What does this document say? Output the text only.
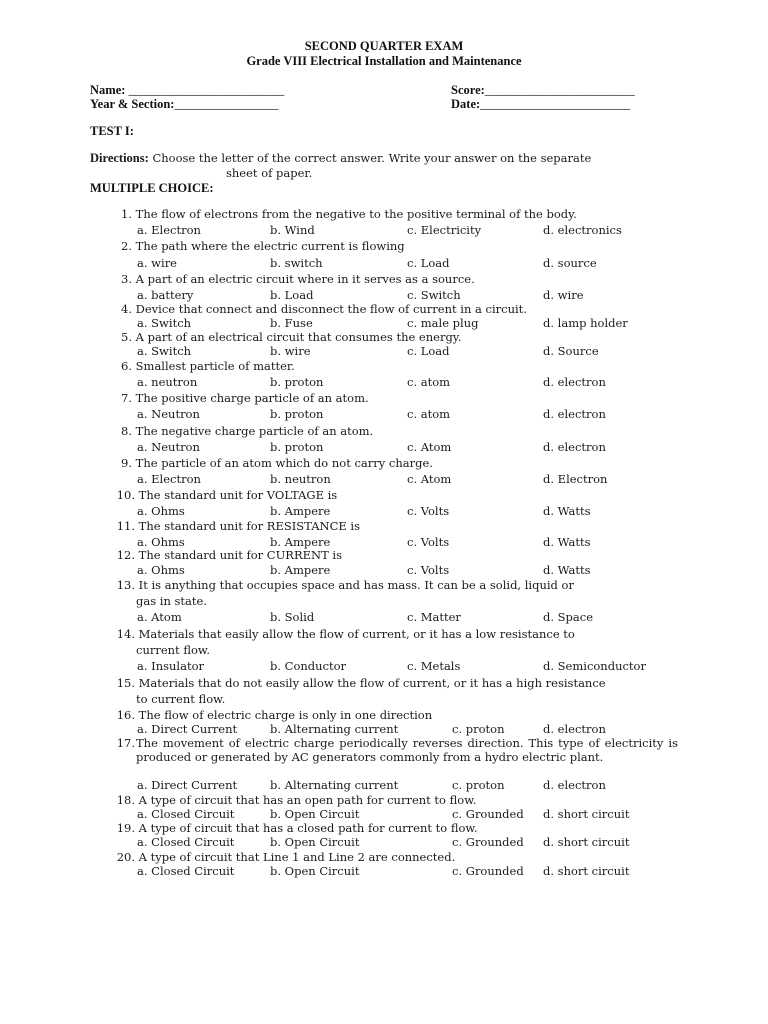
SECOND QUARTER EXAM
Grade VIII Electrical Installation and Maintenance
Name: ___________________________	Score:__________________________
Year & Section:__________________	Date:__________________________
TEST I:
Directions: Choose the letter of the correct answer. Write your answer on the separate
sheet of paper.
MULTIPLE CHOICE:
1. The flow of electrons from the negative to the positive terminal of the body.
a. Electron	b. Wind	c. Electricity	d. electronics
2. The path where the electric current is flowing
a. wire	b. switch	c. Load	d. source
3. A part of an electric circuit where in it serves as a source.
a. battery	b. Load	c. Switch	d. wire
4. Device that connect and disconnect the flow of current in a circuit.
a. Switch	b. Fuse	c. male plug	d. lamp holder
5. A part of an electrical circuit that consumes the energy.
a. Switch	b. wire	c. Load	d. Source
6. Smallest particle of matter.
a. neutron	b. proton	c. atom	d. electron
7. The positive charge particle of an atom.
a. Neutron	b. proton	c. atom	d. electron
8. The negative charge particle of an atom.
a. Neutron	b. proton	c. Atom	d. electron
9. The particle of an atom which do not carry charge.
a. Electron	b. neutron	c. Atom	d. Electron
10. The standard unit for VOLTAGE is
a. Ohms	b. Ampere	c. Volts	d. Watts
11. The standard unit for RESISTANCE is
a. Ohms	b. Ampere	c. Volts	d. Watts
12. The standard unit for CURRENT is
a. Ohms	b. Ampere	c. Volts	d. Watts
13. It is anything that occupies space and has mass. It can be a solid, liquid or
gas in state.
a. Atom	b. Solid	c. Matter	d. Space
14. Materials that easily allow the flow of current, or it has a low resistance to
current flow.
a. Insulator	b. Conductor	c. Metals	d. Semiconductor
15. Materials that do not easily allow the flow of current, or it has a high resistance
to current flow.
16. The flow of electric charge is only in one direction
a. Direct Current	b. Alternating current	c. proton	d. electron
17. The movement of electric charge periodically reverses direction. This type of electricity is produced or generated by AC generators commonly from a hydro electric plant.
a. Direct Current	b. Alternating current	c. proton	d. electron
18. A type of circuit that has an open path for current to flow.
a. Closed Circuit	b. Open Circuit	c. Grounded d. short circuit
19. A type of circuit that has a closed path for current to flow.
a. Closed Circuit	b. Open Circuit	c. Grounded d. short circuit
20. A type of circuit that Line 1 and Line 2 are connected.
a. Closed Circuit	b. Open Circuit	c. Grounded d. short circuit
